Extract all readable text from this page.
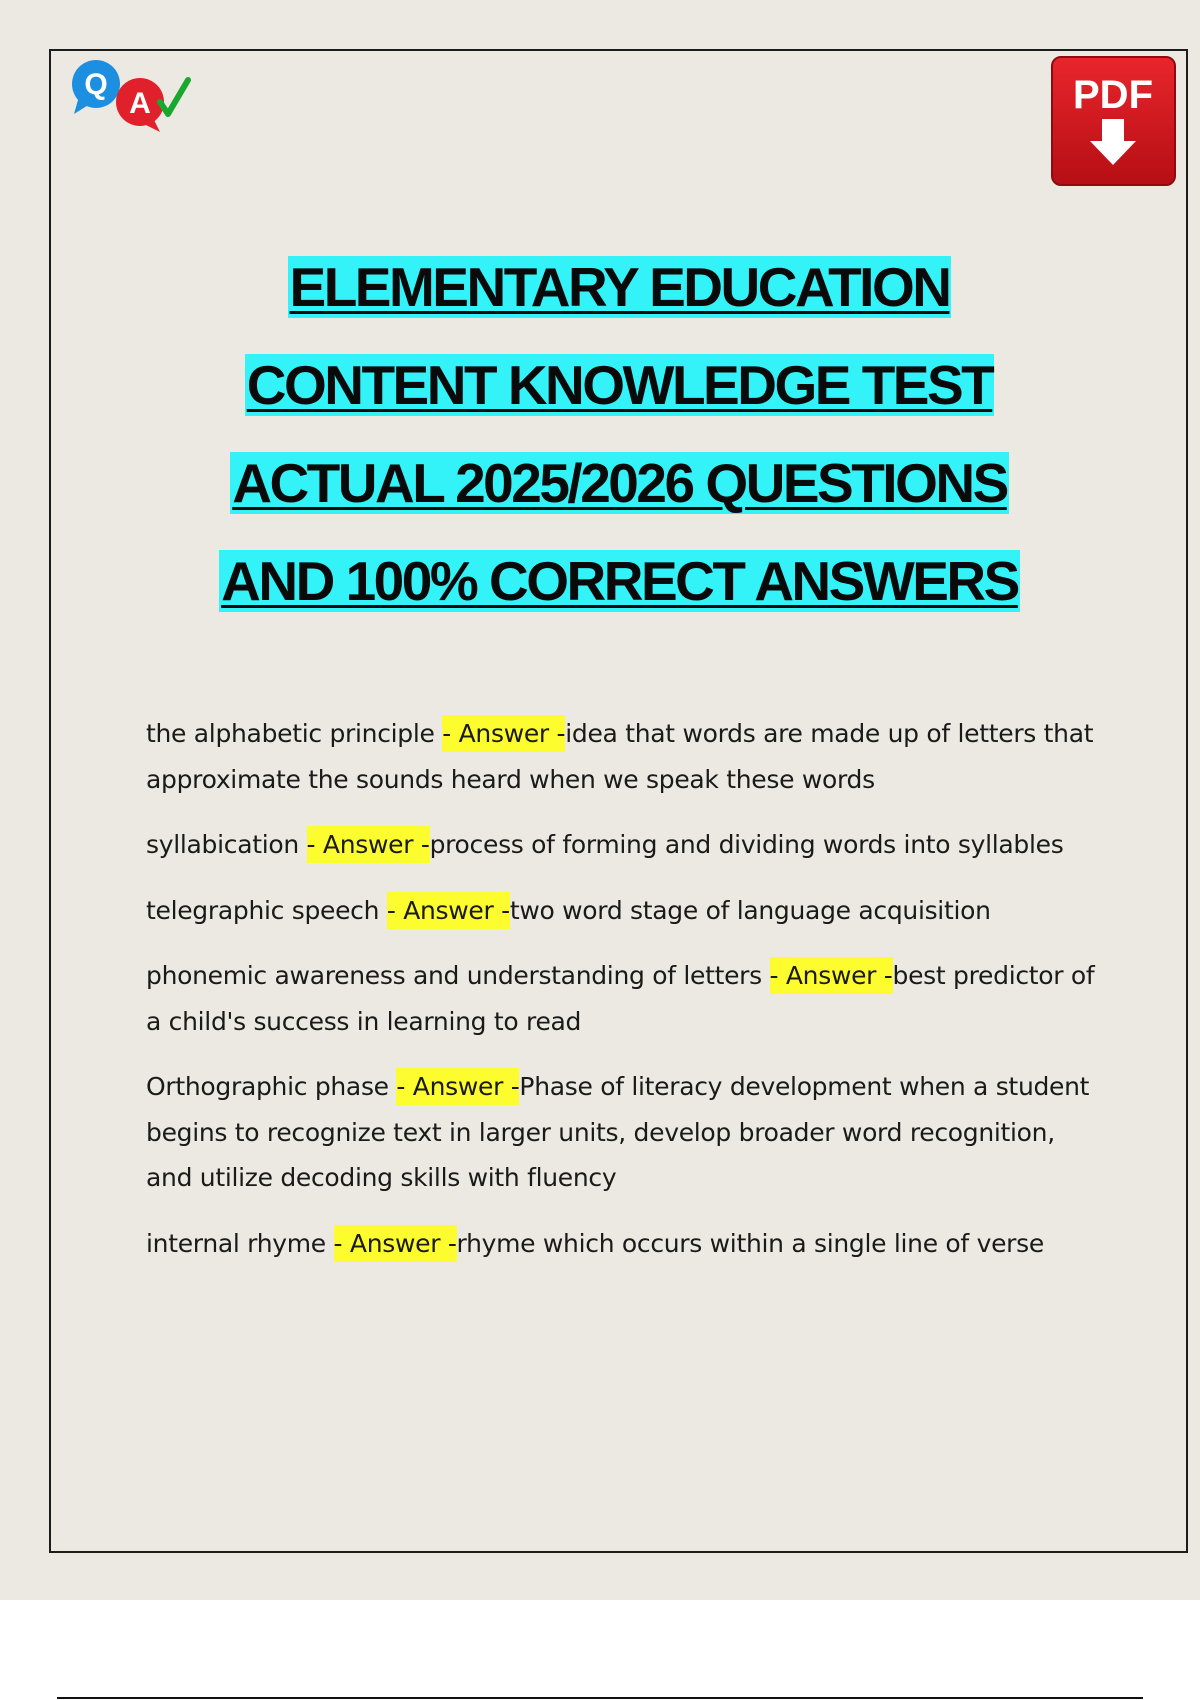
Q
A	PDF
ELEMENTARY EDUCATION
CONTENT KNOWLEDGE TEST
ACTUAL 2025/2026 QUESTIONS
AND 100% CORRECT ANSWERS

the alphabetic principle - Answer -idea that words are made up of letters that approximate the sounds heard when we speak these words

syllabication - Answer -process of forming and dividing words into syllables

telegraphic speech - Answer -two word stage of language acquisition

phonemic awareness and understanding of letters - Answer -best predictor of a child's success in learning to read

Orthographic phase - Answer -Phase of literacy development when a student begins to recognize text in larger units, develop broader word recognition, and utilize decoding skills with fluency

internal rhyme - Answer -rhyme which occurs within a single line of verse
